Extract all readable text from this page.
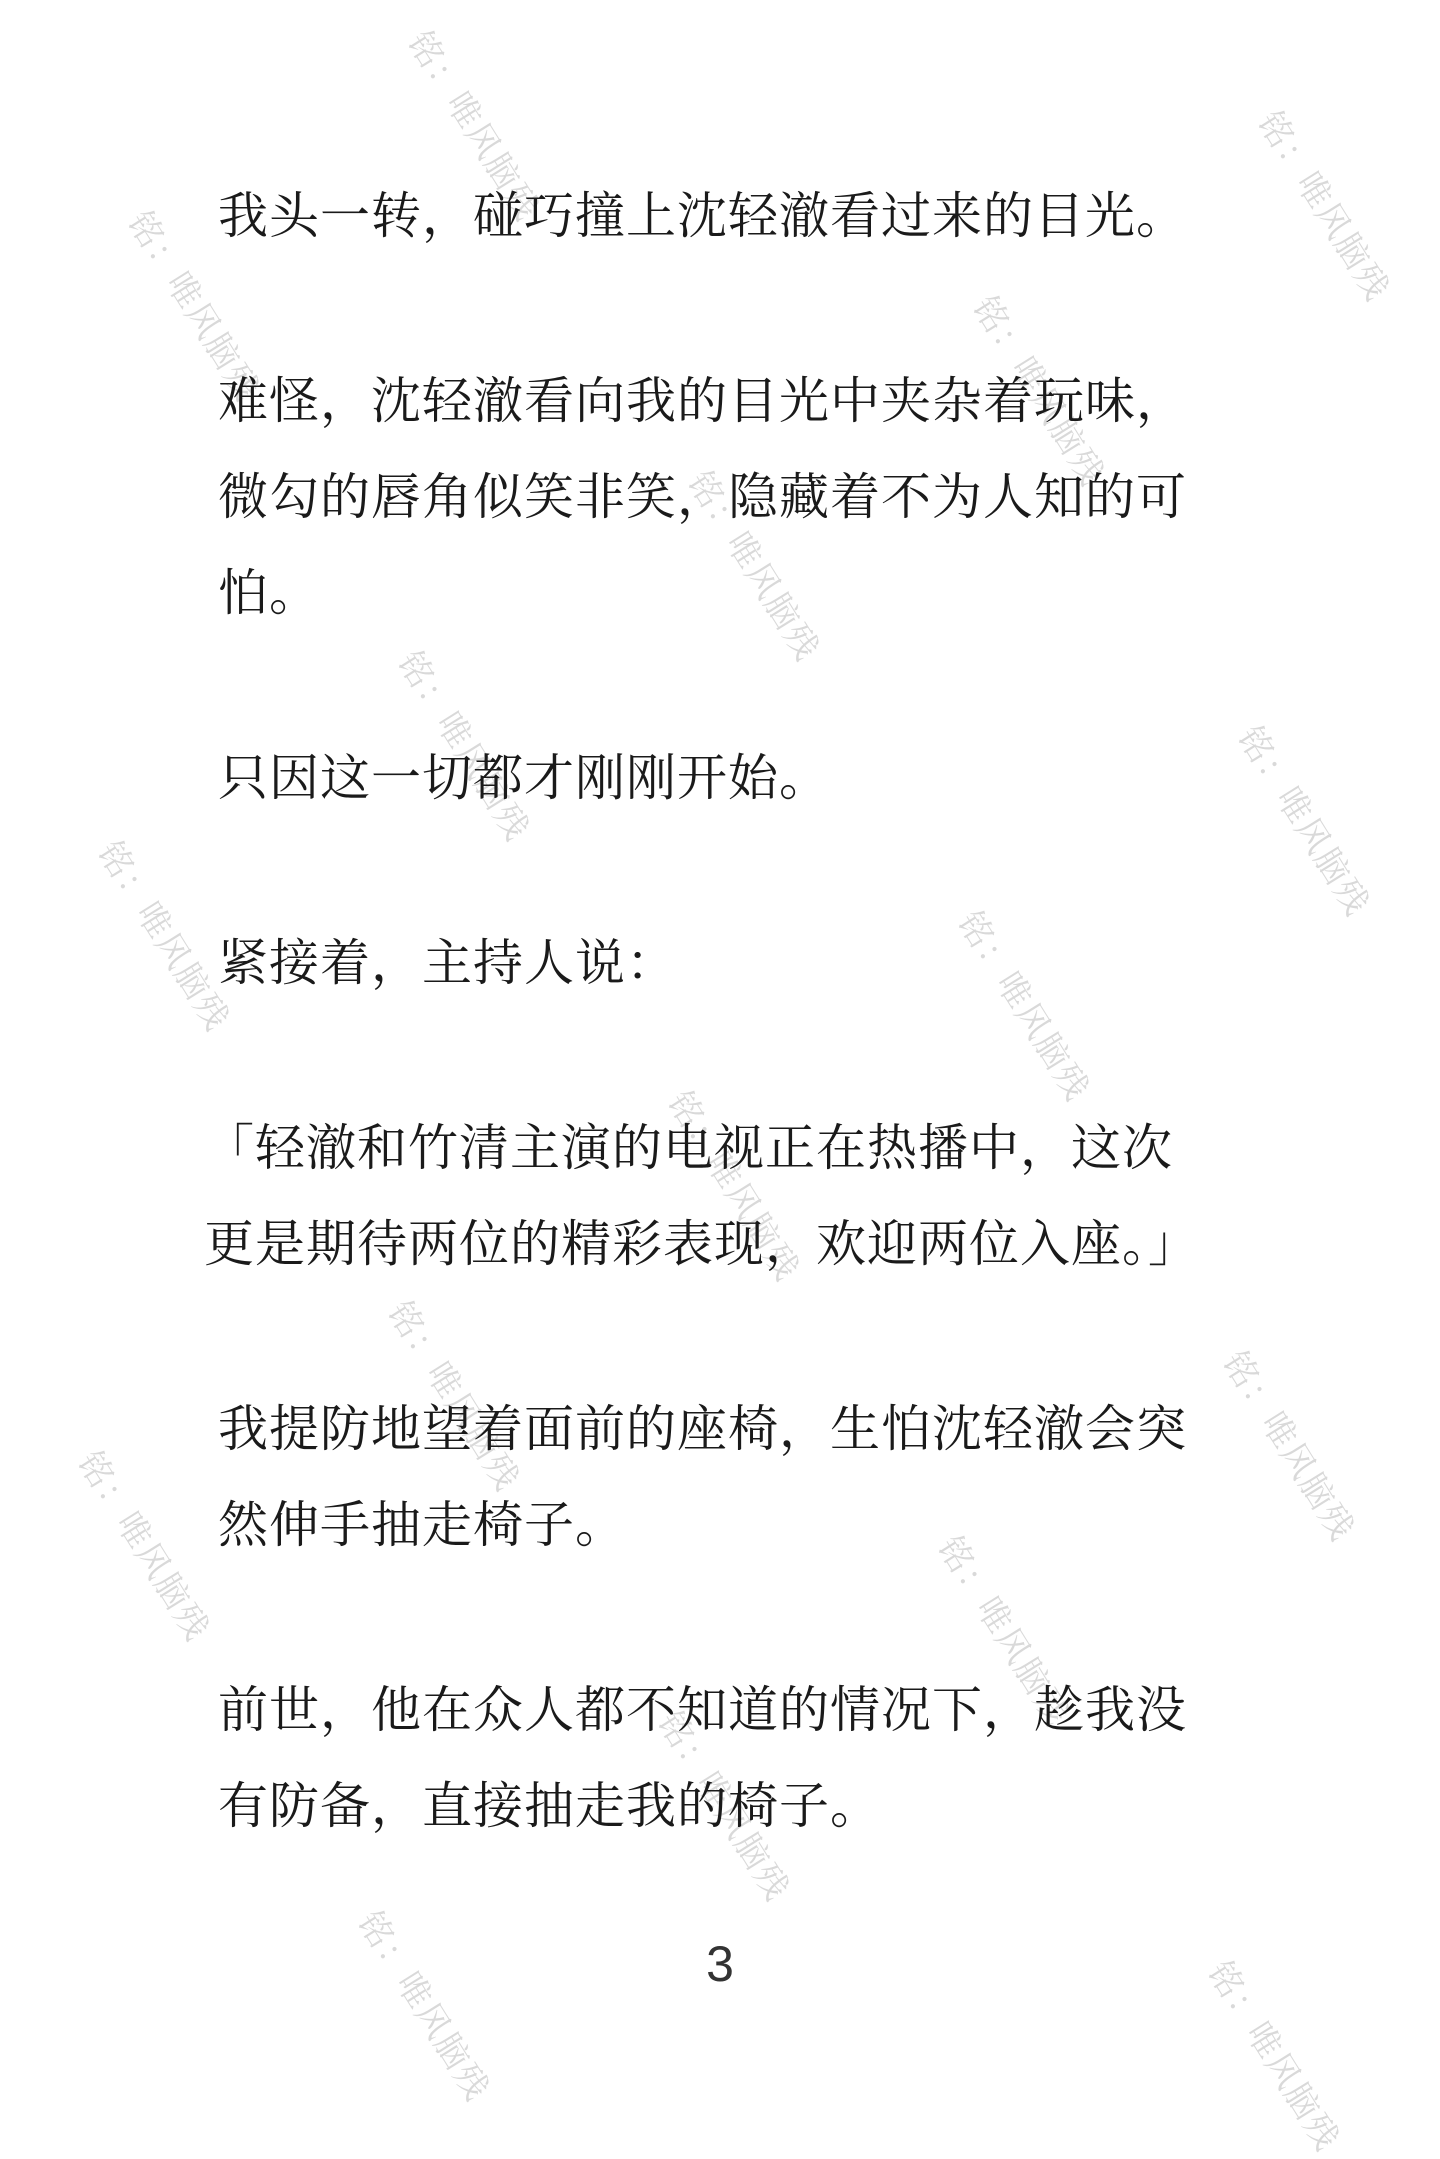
铭：唯风脑残	铭：唯风脑残
铭：唯风脑残	铭：唯风脑残
铭：唯风脑残
铭：唯风脑残	铭：唯风脑残
铭：唯风脑残	铭：唯风脑残
铭：唯风脑残
铭：唯风脑残	铭：唯风脑残
铭：唯风脑残	铭：唯风脑残
铭：唯风脑残
铭：唯风脑残	铭：唯风脑残

我头一转，碰巧撞上沈轻澈看过来的目光。

难怪，沈轻澈看向我的目光中夹杂着玩味，
微勾的唇角似笑非笑，隐藏着不为人知的可
怕。

只因这一切都才刚刚开始。

紧接着，主持人说：

「轻澈和竹清主演的电视正在热播中，这次
更是期待两位的精彩表现，欢迎两位入座。」

我提防地望着面前的座椅，生怕沈轻澈会突
然伸手抽走椅子。

前世，他在众人都不知道的情况下，趁我没
有防备，直接抽走我的椅子。

3
